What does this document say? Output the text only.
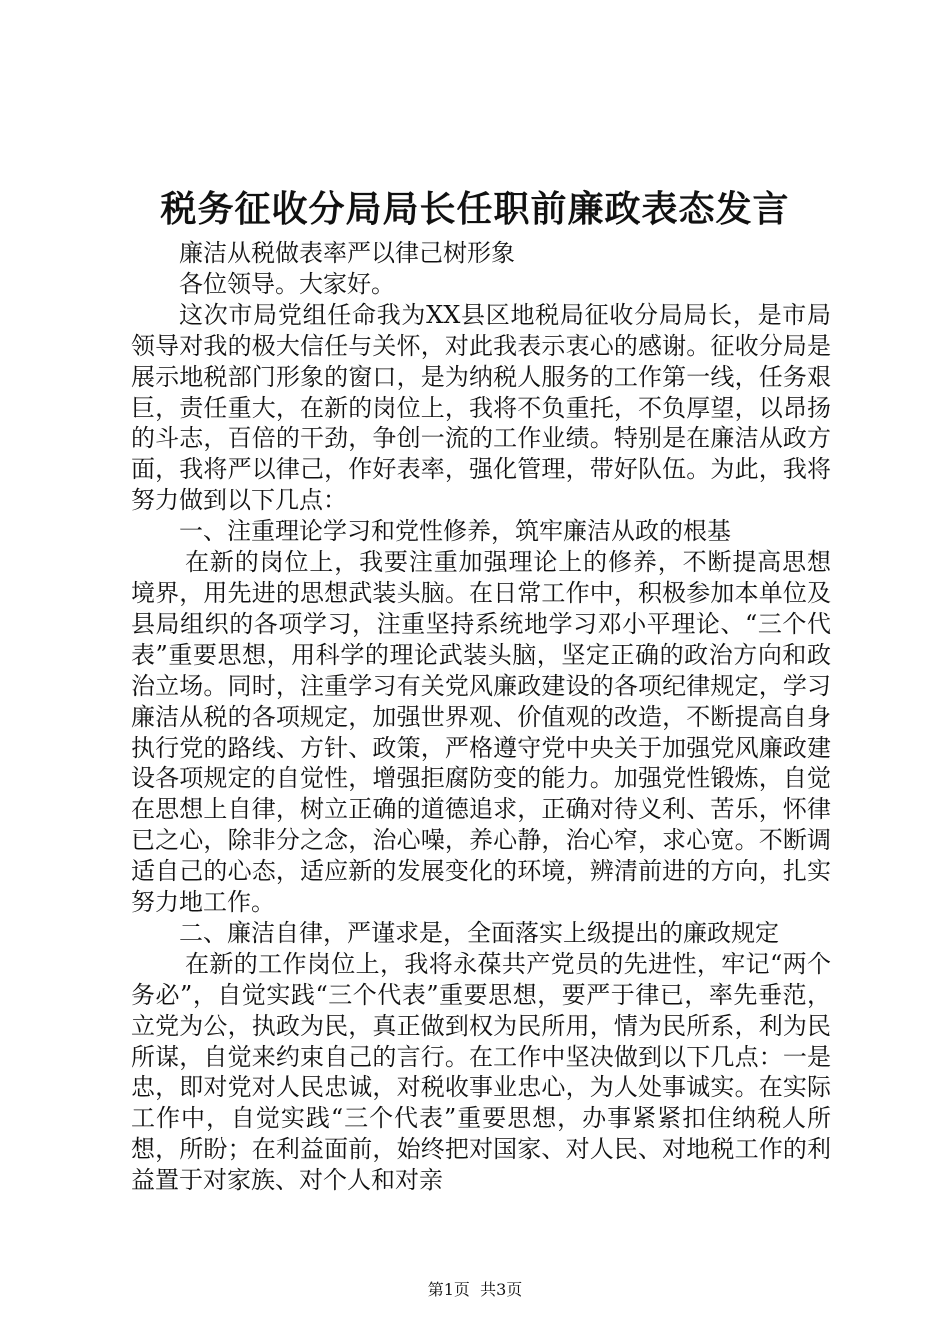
税务征收分局局长任职前廉政表态发言

廉洁从税做表率严以律己树形象

各位领导。大家好。

这次市局党组任命我为XX县区地税局征收分局局长，是市局领导对我的极大信任与关怀，对此我表示衷心的感谢。征收分局是展示地税部门形象的窗口，是为纳税人服务的工作第一线，任务艰巨，责任重大，在新的岗位上，我将不负重托，不负厚望，以昂扬的斗志，百倍的干劲，争创一流的工作业绩。特别是在廉洁从政方面，我将严以律己，作好表率，强化管理，带好队伍。为此，我将努力做到以下几点：

一、注重理论学习和党性修养，筑牢廉洁从政的根基

在新的岗位上，我要注重加强理论上的修养，不断提高思想境界，用先进的思想武装头脑。在日常工作中，积极参加本单位及县局组织的各项学习，注重坚持系统地学习邓小平理论、“三个代表”重要思想，用科学的理论武装头脑，坚定正确的政治方向和政治立场。同时，注重学习有关党风廉政建设的各项纪律规定，学习廉洁从税的各项规定，加强世界观、价值观的改造，不断提高自身执行党的路线、方针、政策，严格遵守党中央关于加强党风廉政建设各项规定的自觉性，增强拒腐防变的能力。加强党性锻炼，自觉在思想上自律，树立正确的道德追求，正确对待义利、苦乐，怀律已之心，除非分之念，治心噪，养心静，治心窄，求心宽。不断调适自己的心态，适应新的发展变化的环境，辨清前进的方向，扎实努力地工作。

二、廉洁自律，严谨求是，全面落实上级提出的廉政规定

在新的工作岗位上，我将永葆共产党员的先进性，牢记“两个务必”，自觉实践“三个代表”重要思想，要严于律已，率先垂范，立党为公，执政为民，真正做到权为民所用，情为民所系，利为民所谋，自觉来约束自己的言行。在工作中坚决做到以下几点：一是忠，即对党对人民忠诚，对税收事业忠心，为人处事诚实。在实际工作中，自觉实践“三个代表”重要思想，办事紧紧扣住纳税人所想，所盼；在利益面前，始终把对国家、对人民、对地税工作的利益置于对家族、对个人和对亲

第1页  共3页
